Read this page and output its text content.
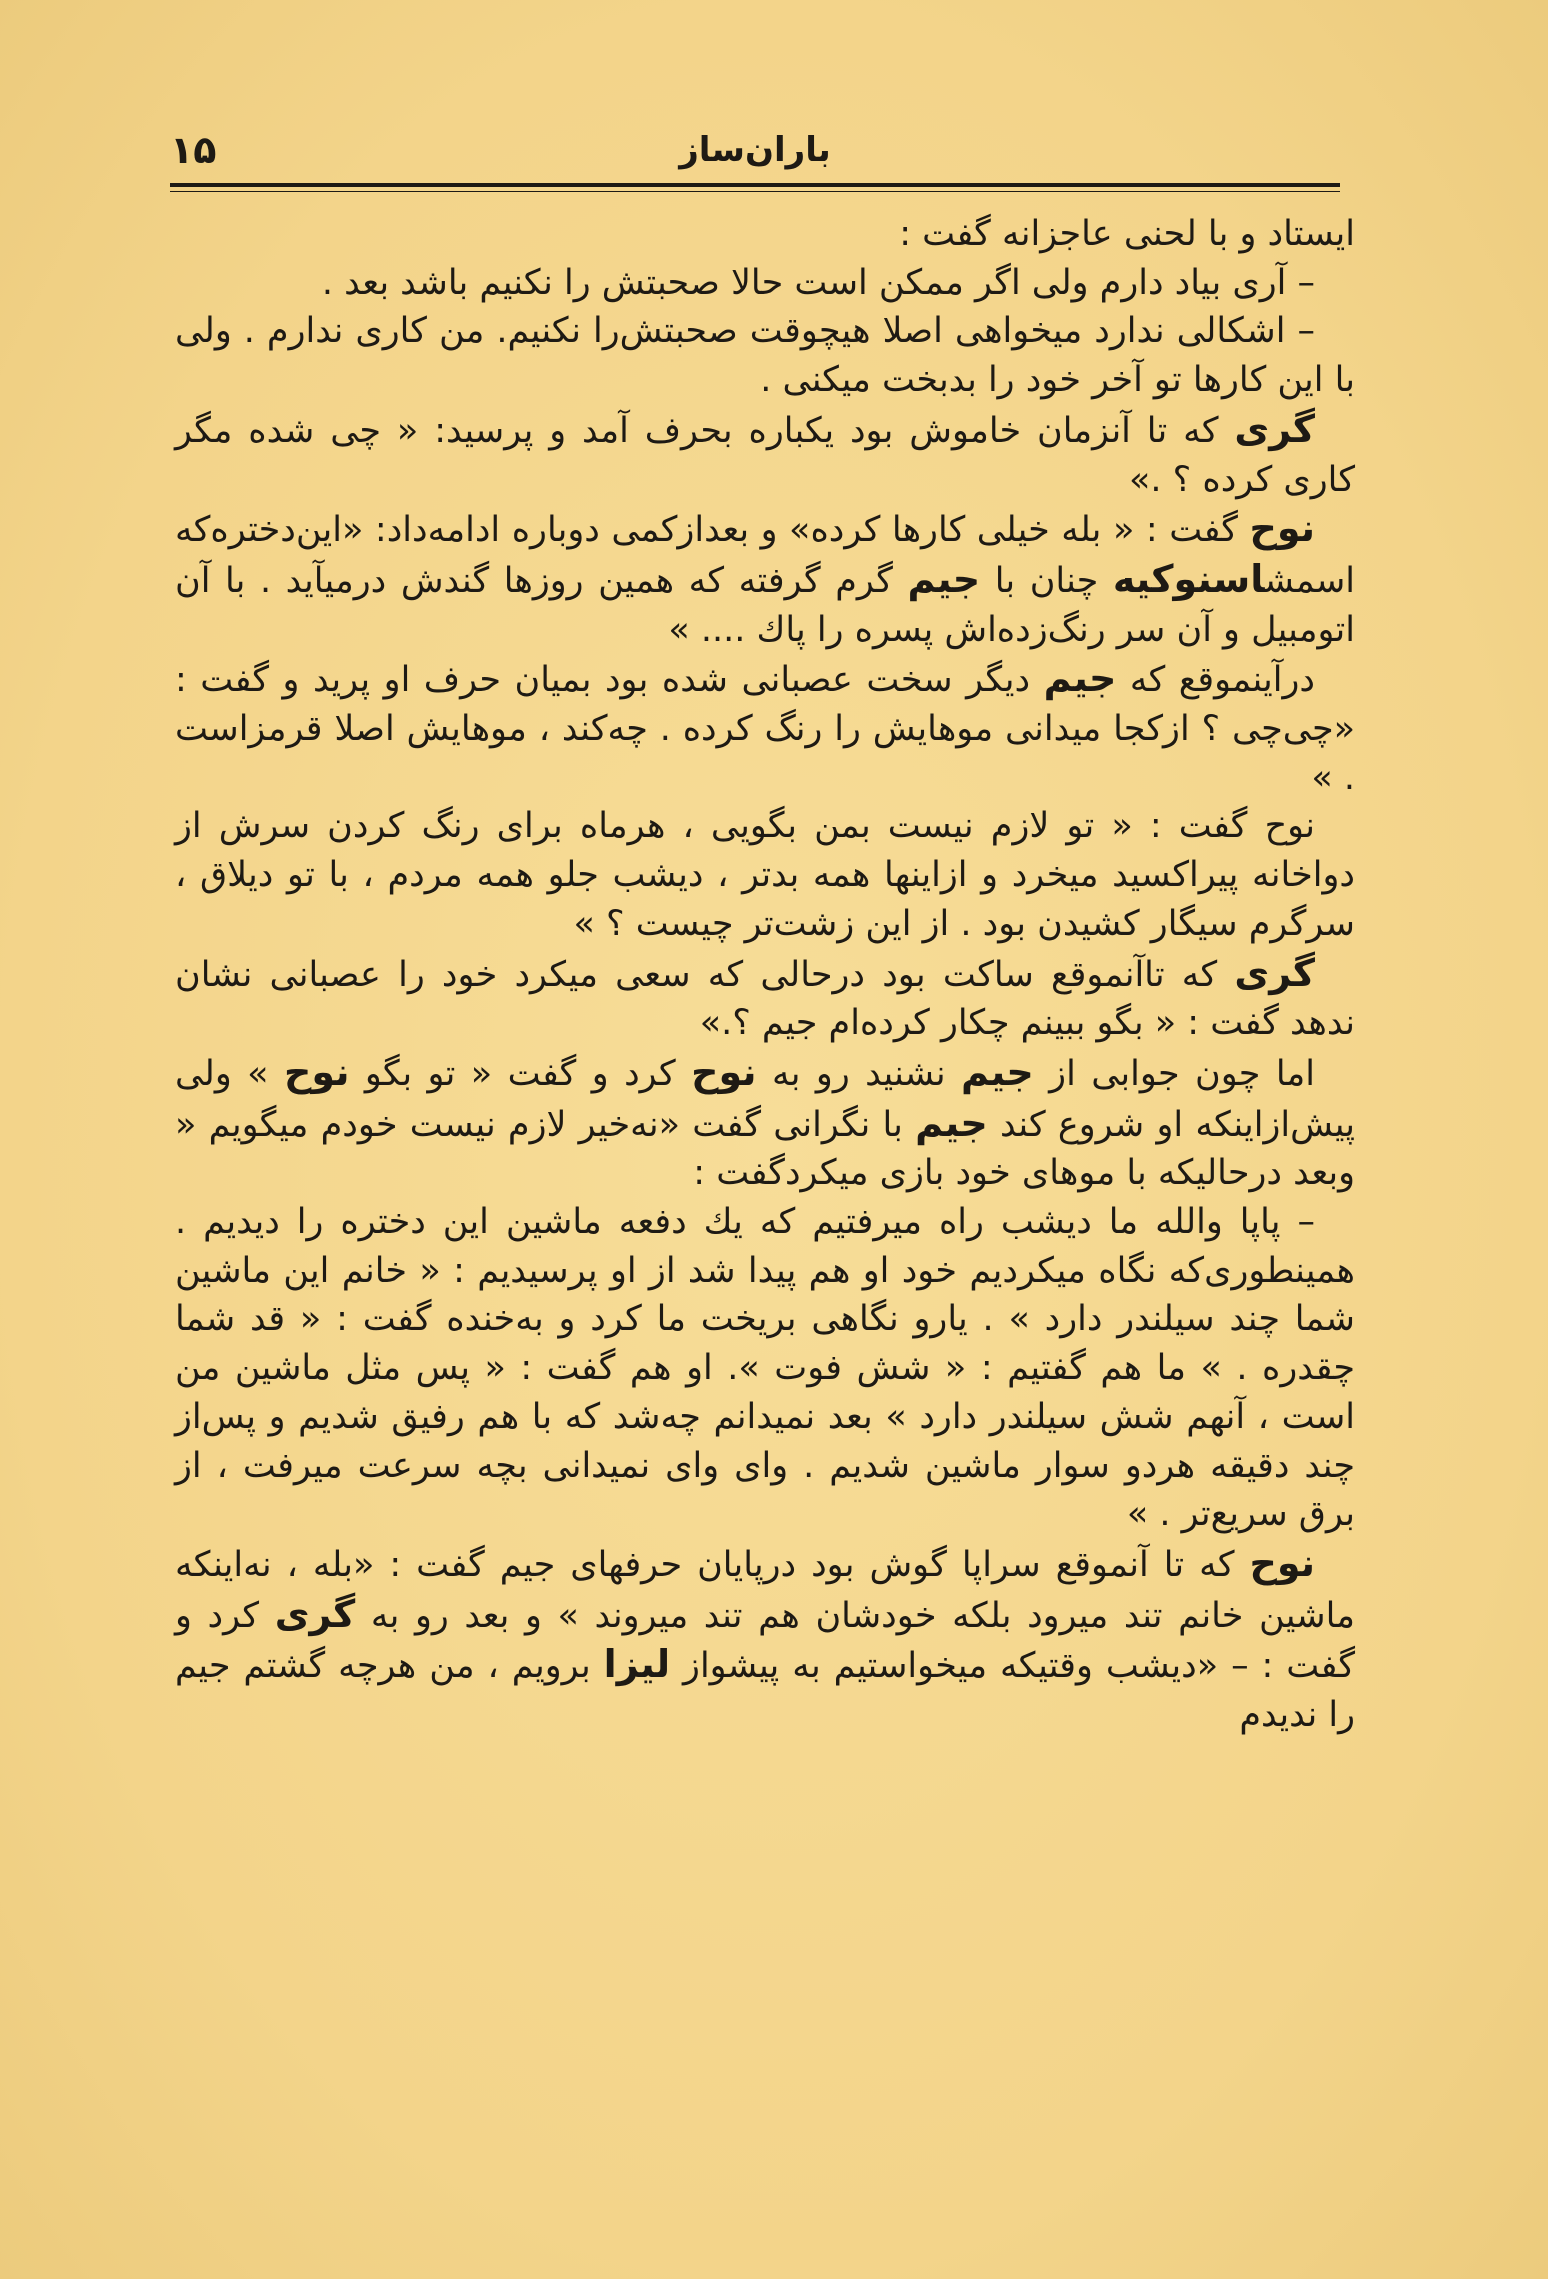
۱۵	باران‌ساز

ایستاد و با لحنی عاجزانه گفت :

– آری بیاد دارم ولی اگر ممکن است حالا صحبتش را نکنیم باشد بعد .

– اشکالی ندارد میخواهی اصلا هیچوقت صحبتش‌را نکنیم. من کاری ندارم . ولی با این کارها تو آخر خود را بدبخت میکنی .

گری که تا آنزمان خاموش بود یکباره بحرف آمد و پرسید: « چی شده مگر کاری کرده ؟ .»

نوح گفت : « بله خیلی کارها کرده» و بعدازکمی دوباره ادامه‌داد: «این‌دختره‌که اسمشاسنوکیه چنان با جیم گرم گرفته که همین روزها گندش درمیآید . با آن اتومبیل و آن سر رنگ‌زده‌اش پسره را پاك .... »

درآینموقع که جیم دیگر سخت عصبانی شده بود بمیان حرف او پرید و گفت : «چی‌چی ؟ ازکجا میدانی موهایش را رنگ کرده . چه‌کند ، موهایش اصلا قرمزاست . »

نوح گفت : « تو لازم نیست بمن بگویی ، هرماه برای رنگ کردن سرش از دواخانه پیراکسید میخرد و ازاینها همه بدتر ، دیشب جلو همه مردم ، با تو دیلاق ، سرگرم سیگار کشیدن بود . از این زشت‌تر چیست ؟ »

گری که تاآنموقع ساکت بود درحالی که سعی میکرد خود را عصبانی نشان ندهد گفت : « بگو ببینم چکار کرده‌ام جیم ؟.»

اما چون جوابی از جیم نشنید رو به نوح کرد و گفت « تو بگو نوح » ولی پیش‌ازاینکه او شروع کند جیم با نگرانی گفت «نه‌خیر لازم نیست خودم میگویم « وبعد درحالیکه با موهای خود بازی میکردگفت :

– پاپا والله ما دیشب راه میرفتیم که یك دفعه ماشین این دختره را دیدیم . همینطوری‌که نگاه میکردیم خود او هم پیدا شد از او پرسیدیم : « خانم این ماشین شما چند سیلندر دارد » . یارو نگاهی بریخت ما کرد و به‌خنده گفت : « قد شما چقدره . » ما هم گفتیم : « شش فوت ». او هم گفت : « پس مثل ماشین من است ، آنهم شش سیلندر دارد » بعد نمیدانم چه‌شد که با هم رفیق شدیم و پس‌از چند دقیقه هردو سوار ماشین شدیم . وای وای نمیدانی بچه سرعت میرفت ، از برق سریع‌تر . »

نوح که تا آنموقع سراپا گوش بود درپایان حرفهای جیم گفت : «بله ، نه‌اینکه ماشین خانم تند میرود بلکه خودشان هم تند میروند » و بعد رو به گری کرد و گفت : – «دیشب وقتیکه میخواستیم به پیشواز لیزا برویم ، من هرچه گشتم جیم را ندیدم
